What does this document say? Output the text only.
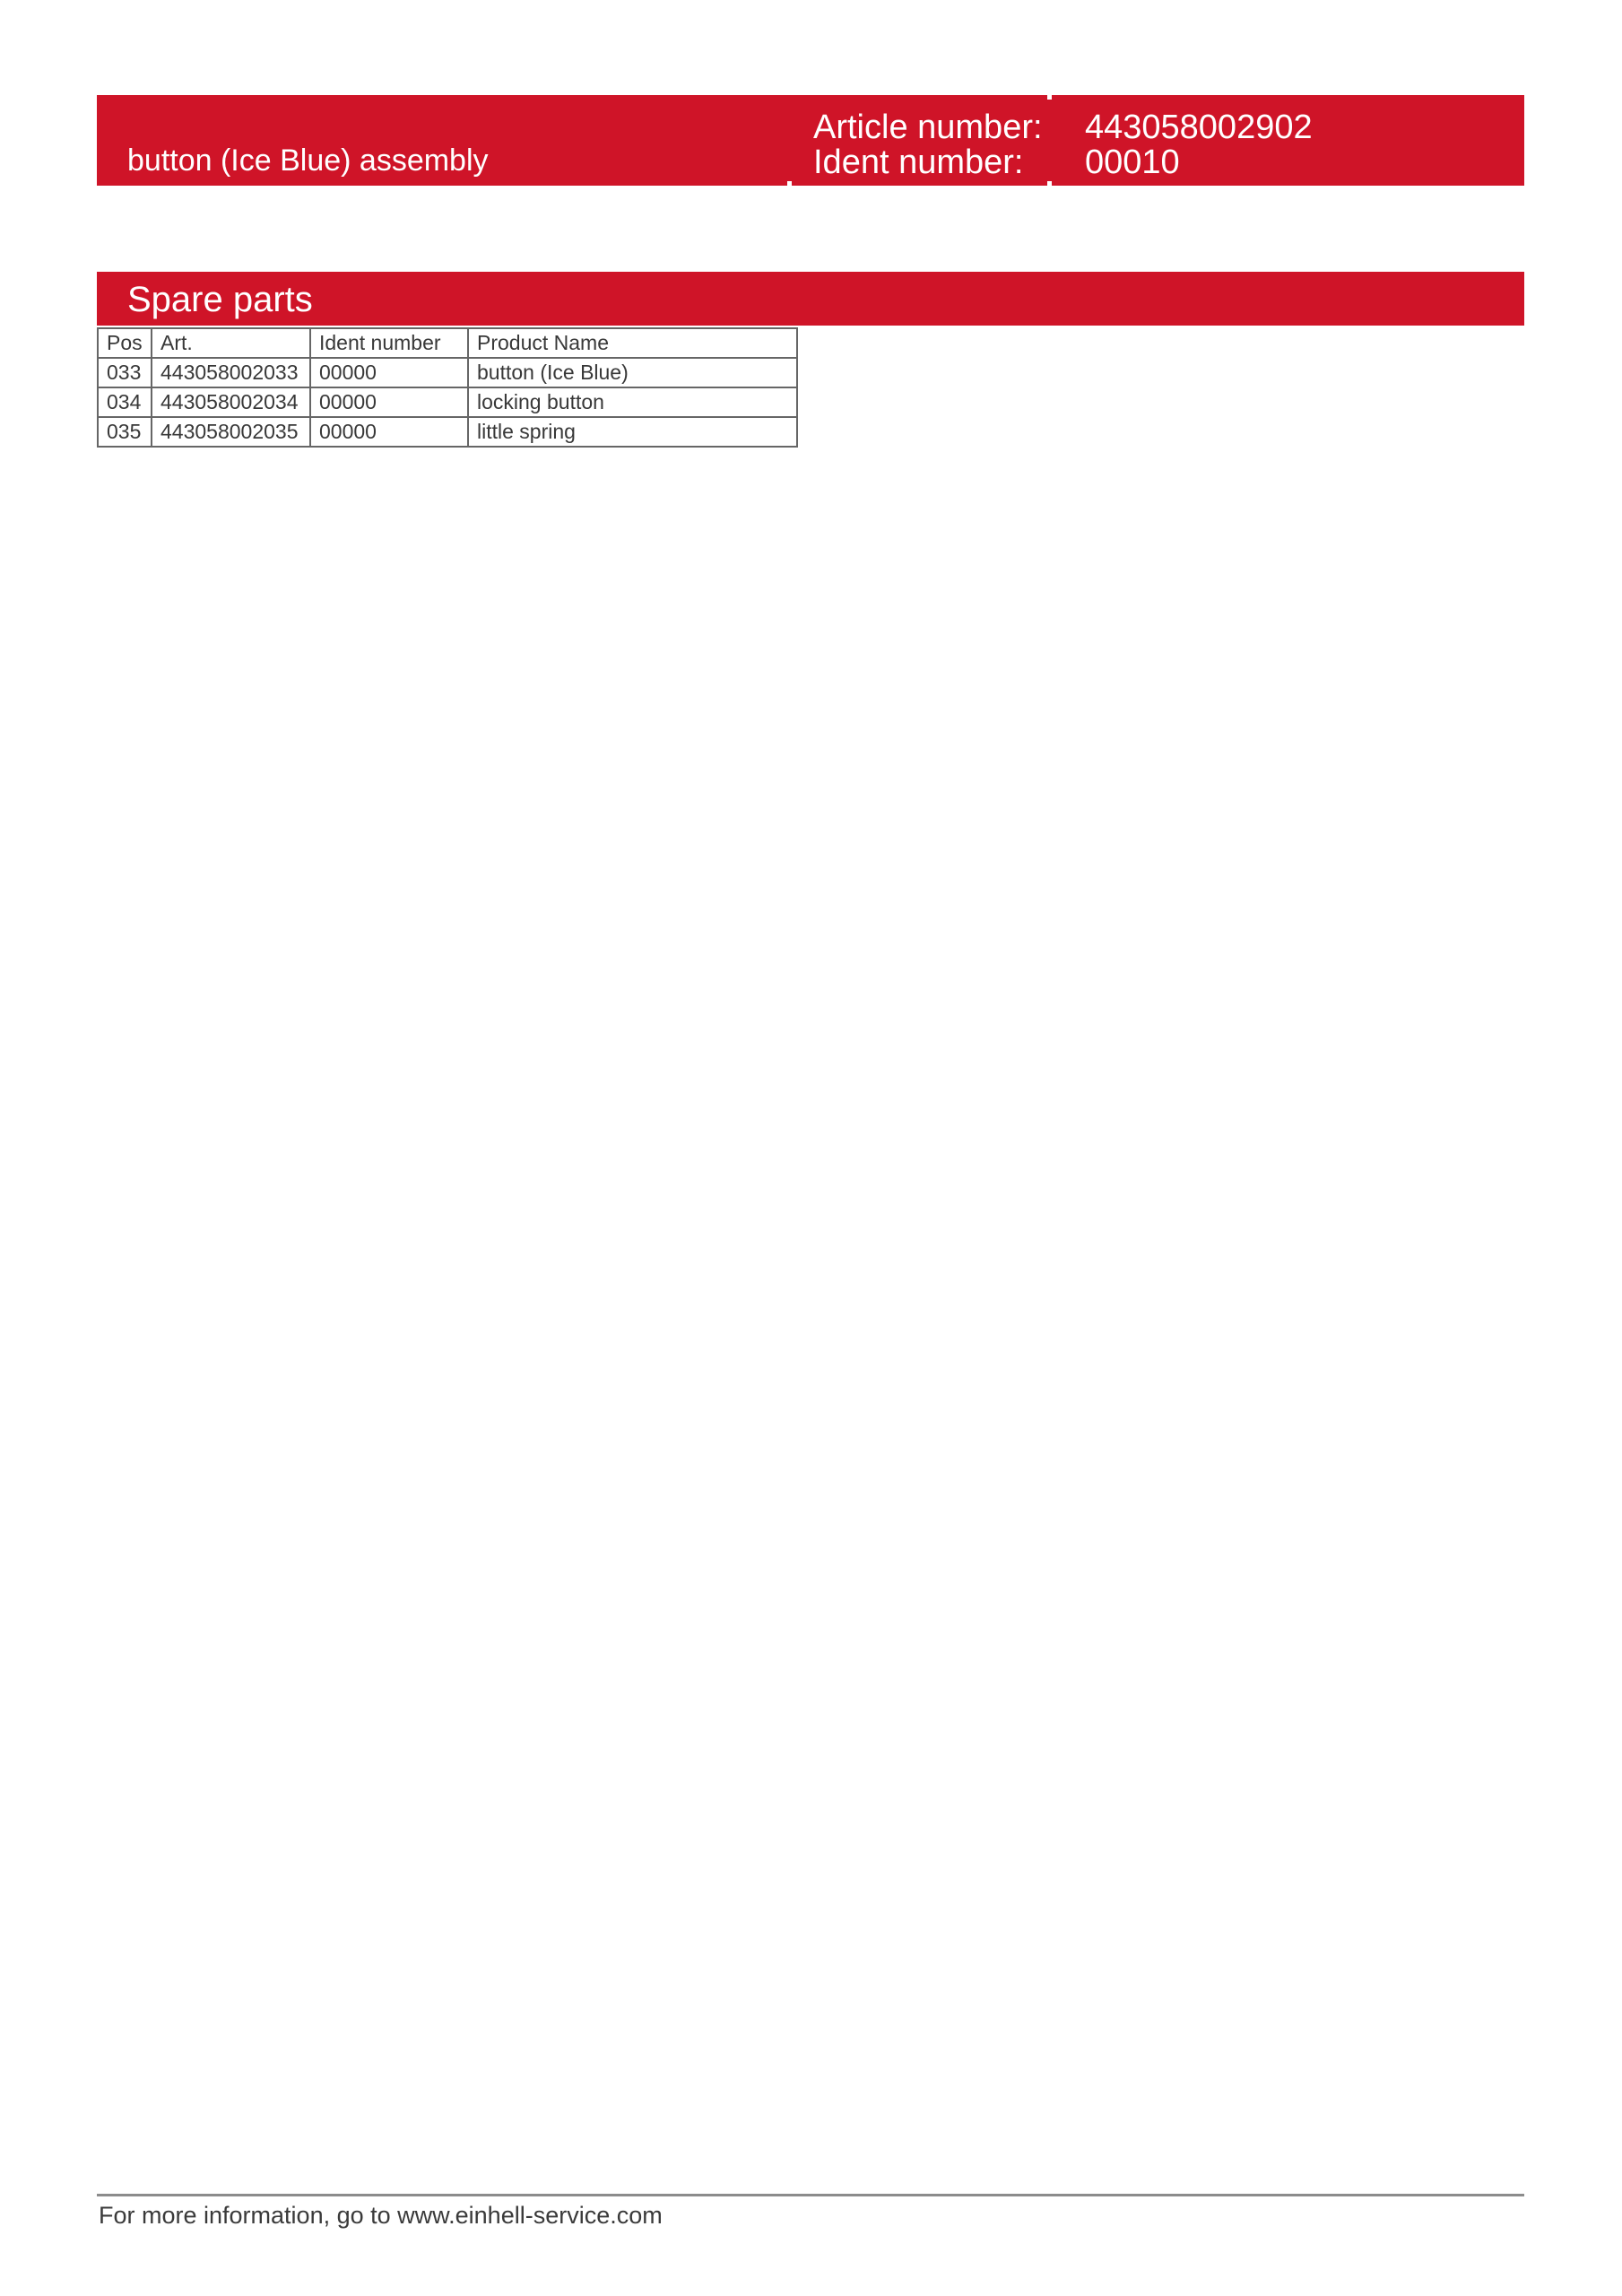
button (Ice Blue) assembly
Article number:	443058002902
Ident number:	00010
Spare parts
Pos	Art.	Ident number	Product Name
033	443058002033	00000	button (Ice Blue)
034	443058002034	00000	locking button
035	443058002035	00000	little spring
For more information, go to www.einhell-service.com
